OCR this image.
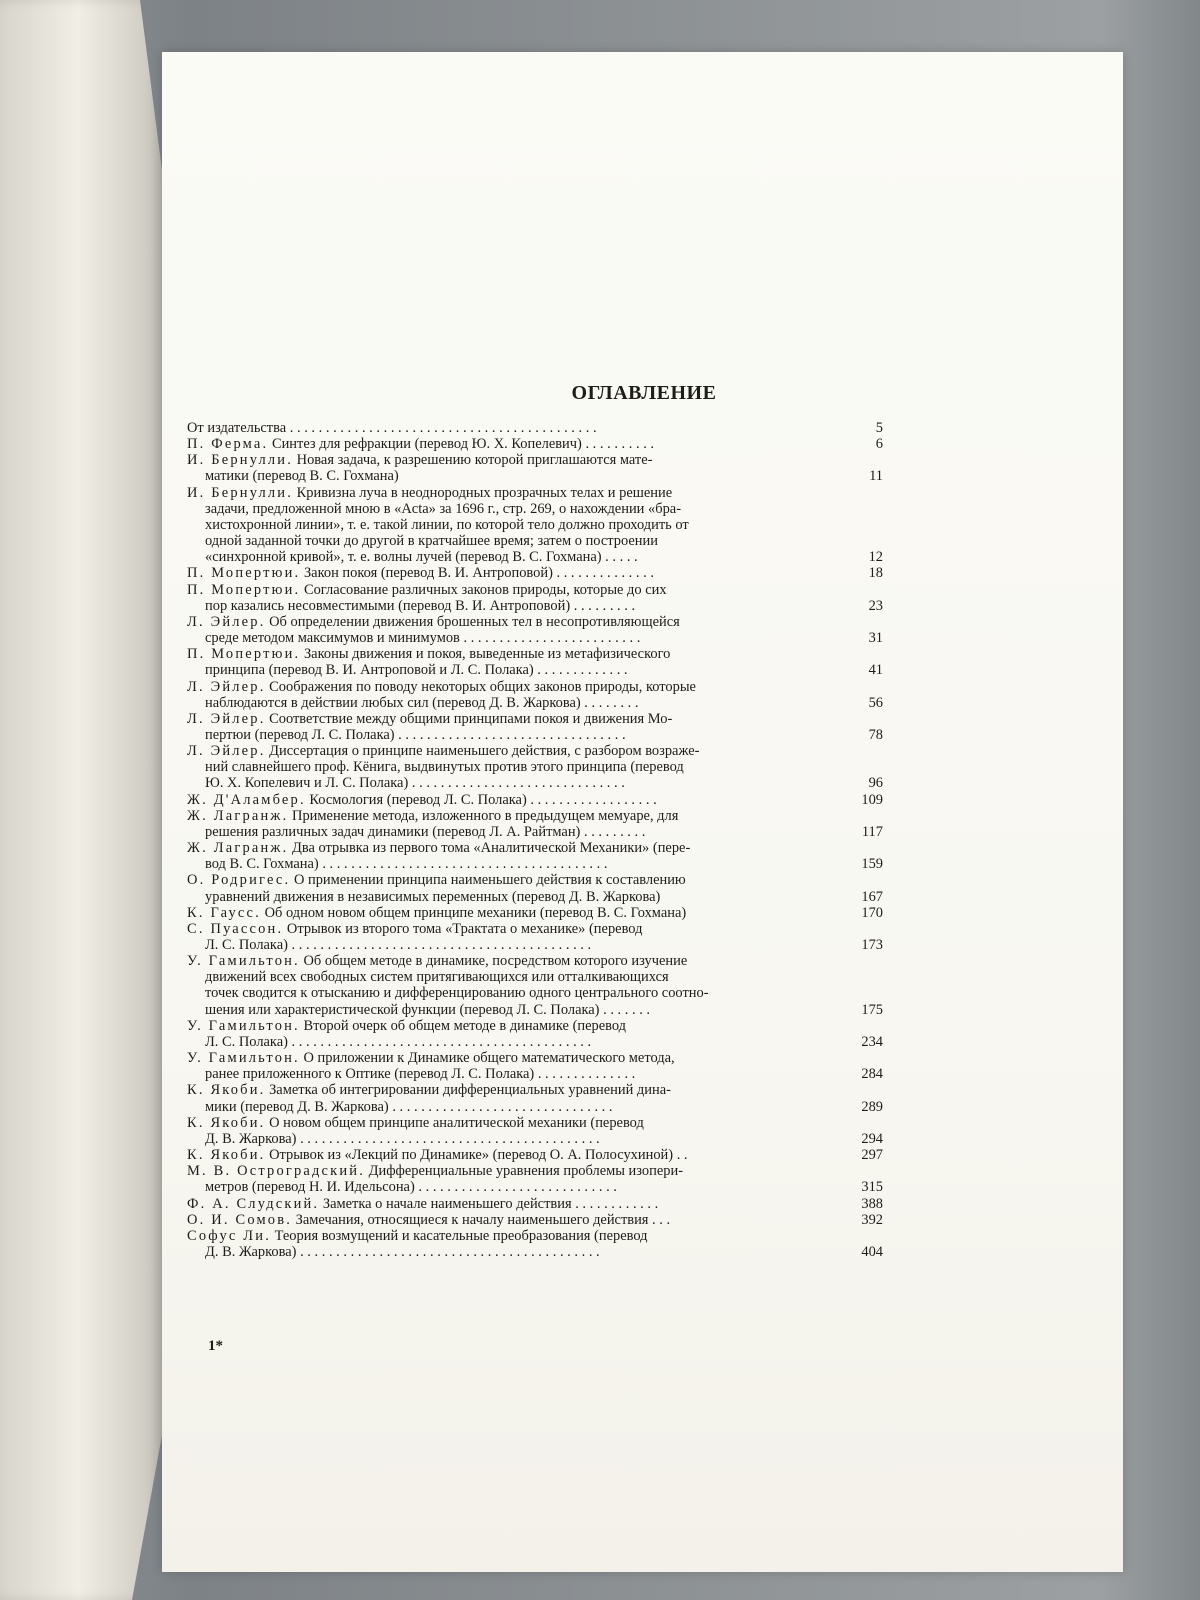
ОГЛАВЛЕНИЕ
От издательства . . . . . . . . . . . . . . . . . . . . . . . . . . . . . . . . . . . . . . . . . . .	5
П. Ферма. Синтез для рефракции (перевод Ю. Х. Копелевич) . . . . . . . . . .	6
И. Бернулли. Новая задача, к разрешению которой приглашаются мате-
матики (перевод В. С. Гохмана)	11
И. Бернулли. Кривизна луча в неоднородных прозрачных телах и решение
задачи, предложенной мною в «Acta» за 1696 г., стр. 269, о нахождении «бра-
хистохронной линии», т. е. такой линии, по которой тело должно проходить от
одной заданной точки до другой в кратчайшее время; затем о построении
«синхронной кривой», т. е. волны лучей (перевод В. С. Гохмана) . . . . .	12
П. Мопертюи. Закон покоя (перевод В. И. Антроповой) . . . . . . . . . . . . . .	18
П. Мопертюи. Согласование различных законов природы, которые до сих
пор казались несовместимыми (перевод В. И. Антроповой) . . . . . . . . .	23
Л. Эйлер. Об определении движения брошенных тел в несопротивляющейся
среде методом максимумов и минимумов . . . . . . . . . . . . . . . . . . . . . . . . .	31
П. Мопертюи. Законы движения и покоя, выведенные из метафизического
принципа (перевод В. И. Антроповой и Л. С. Полака) . . . . . . . . . . . . .	41
Л. Эйлер. Соображения по поводу некоторых общих законов природы, которые
наблюдаются в действии любых сил (перевод Д. В. Жаркова) . . . . . . . .	56
Л. Эйлер. Соответствие между общими принципами покоя и движения Мо-
пертюи (перевод Л. С. Полака) . . . . . . . . . . . . . . . . . . . . . . . . . . . . . . . .	78
Л. Эйлер. Диссертация о принципе наименьшего действия, с разбором возраже-
ний славнейшего проф. Кёнига, выдвинутых против этого принципа (перевод
Ю. Х. Копелевич и Л. С. Полака) . . . . . . . . . . . . . . . . . . . . . . . . . . . . . .	96
Ж. Д'Аламбер. Космология (перевод Л. С. Полака) . . . . . . . . . . . . . . . . . .	109
Ж. Лагранж. Применение метода, изложенного в предыдущем мемуаре, для
решения различных задач динамики (перевод Л. А. Райтман) . . . . . . . . .	117
Ж. Лагранж. Два отрывка из первого тома «Аналитической Механики» (пере-
вод В. С. Гохмана) . . . . . . . . . . . . . . . . . . . . . . . . . . . . . . . . . . . . . . . .	159
О. Родригес. О применении принципа наименьшего действия к составлению
уравнений движения в независимых переменных (перевод Д. В. Жаркова)	167
К. Гаусс. Об одном новом общем принципе механики (перевод В. С. Гохмана)	170
С. Пуассон. Отрывок из второго тома «Трактата о механике» (перевод
Л. С. Полака) . . . . . . . . . . . . . . . . . . . . . . . . . . . . . . . . . . . . . . . . . .	173
У. Гамильтон. Об общем методе в динамике, посредством которого изучение
движений всех свободных систем притягивающихся или отталкивающихся
точек сводится к отысканию и дифференцированию одного центрального соотно-
шения или характеристической функции (перевод Л. С. Полака) . . . . . . .	175
У. Гамильтон. Второй очерк об общем методе в динамике (перевод
Л. С. Полака) . . . . . . . . . . . . . . . . . . . . . . . . . . . . . . . . . . . . . . . . . .	234
У. Гамильтон. О приложении к Динамике общего математического метода,
ранее приложенного к Оптике (перевод Л. С. Полака) . . . . . . . . . . . . . .	284
К. Якоби. Заметка об интегрировании дифференциальных уравнений дина-
мики (перевод Д. В. Жаркова) . . . . . . . . . . . . . . . . . . . . . . . . . . . . . . .	289
К. Якоби. О новом общем принципе аналитической механики (перевод
Д. В. Жаркова) . . . . . . . . . . . . . . . . . . . . . . . . . . . . . . . . . . . . . . . . . .	294
К. Якоби. Отрывок из «Лекций по Динамике» (перевод О. А. Полосухиной) . .	297
М. В. Остроградский. Дифференциальные уравнения проблемы изопери-
метров (перевод Н. И. Идельсона) . . . . . . . . . . . . . . . . . . . . . . . . . . . .	315
Ф. А. Слудский. Заметка о начале наименьшего действия . . . . . . . . . . . .	388
О. И. Сомов. Замечания, относящиеся к началу наименьшего действия . . .	392
Софус Ли. Теория возмущений и касательные преобразования (перевод
Д. В. Жаркова) . . . . . . . . . . . . . . . . . . . . . . . . . . . . . . . . . . . . . . . . . .	404
1*
